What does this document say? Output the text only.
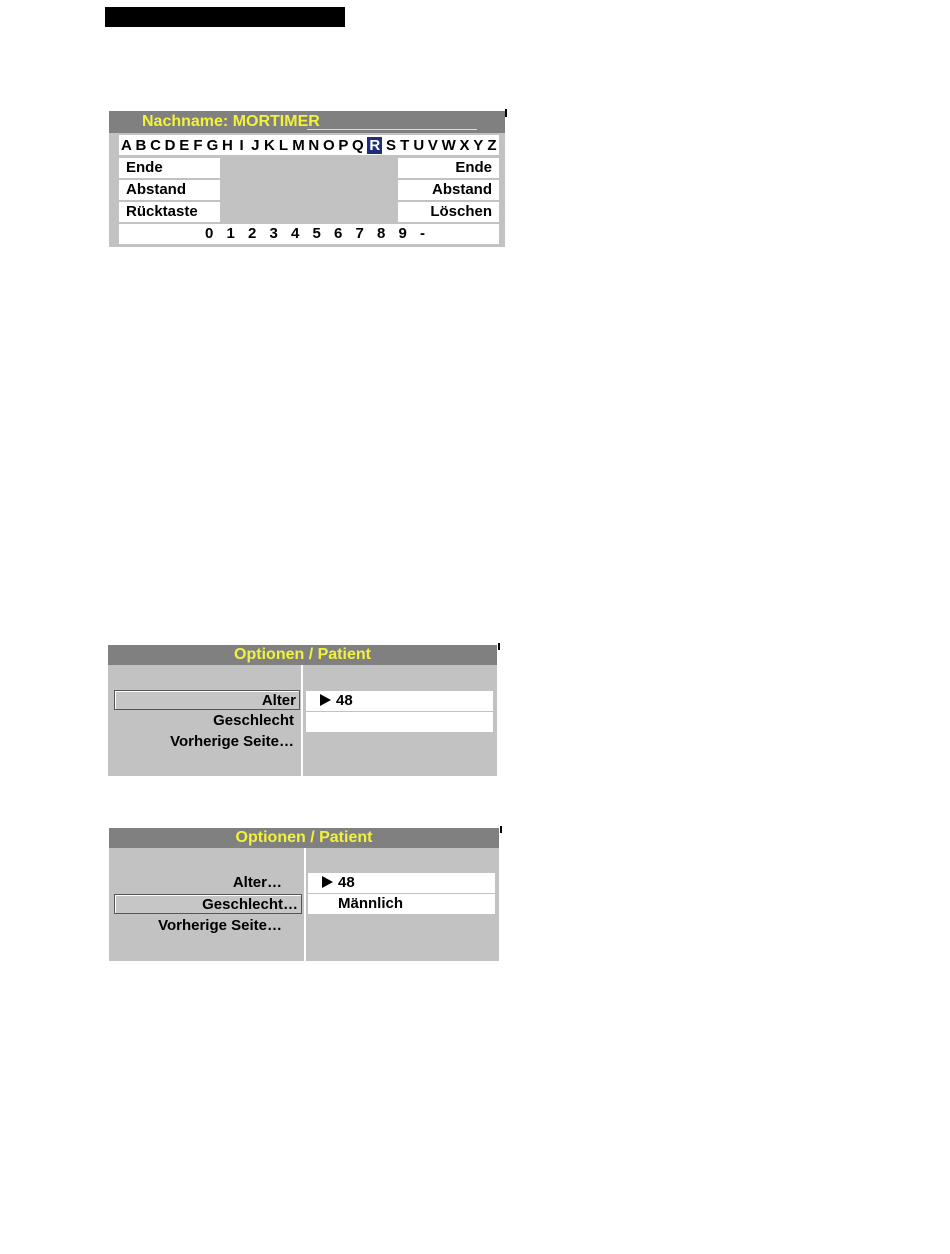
Nachname: MORTIMER
A B C D E F G H I J K L M N O P Q R S T U V W X Y Z
Ende
Abstand
Rücktaste
Ende
Abstand
Löschen
0 1 2 3 4 5 6 7 8 9 -
Optionen / Patient
Alter
Geschlecht
Vorherige Seite…
48
Optionen / Patient
Alter…
Geschlecht…
Vorherige Seite…
48
Männlich
